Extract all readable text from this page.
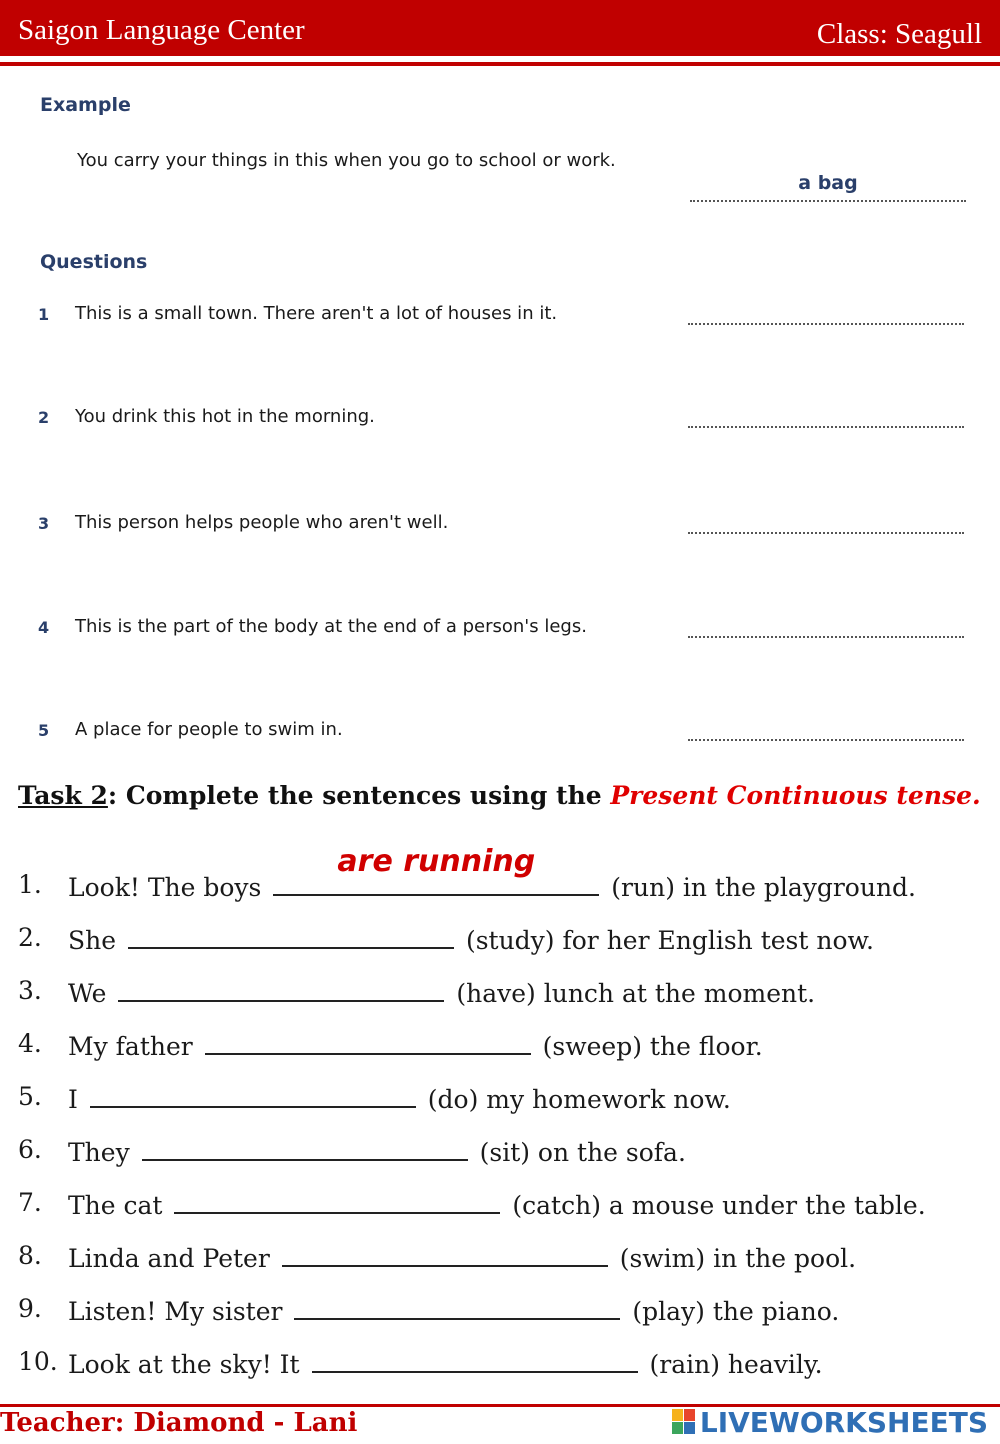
Saigon Language Center	Class: Seagull
Example
You carry your things in this when you go to school or work.
a bag
Questions
1 This is a small town. There aren't a lot of houses in it.
2 You drink this hot in the morning.
3 This person helps people who aren't well.
4 This is the part of the body at the end of a person's legs.
5 A place for people to swim in.
Task 2: Complete the sentences using the Present Continuous tense.
1. Look! The boys
are running
(run) in the playground.
2. She	(study) for her English test now.
3. We	(have) lunch at the moment.
4. My father	(sweep) the floor.
5. I	(do) my homework now.
6. They	(sit) on the sofa.
7. The cat	(catch) a mouse under the table.
8. Linda and Peter	(swim) in the pool.
9. Listen! My sister	(play) the piano.
10. Look at the sky! It	(rain) heavily.
Teacher: Diamond - Lani	LIVEWORKSHEETS
